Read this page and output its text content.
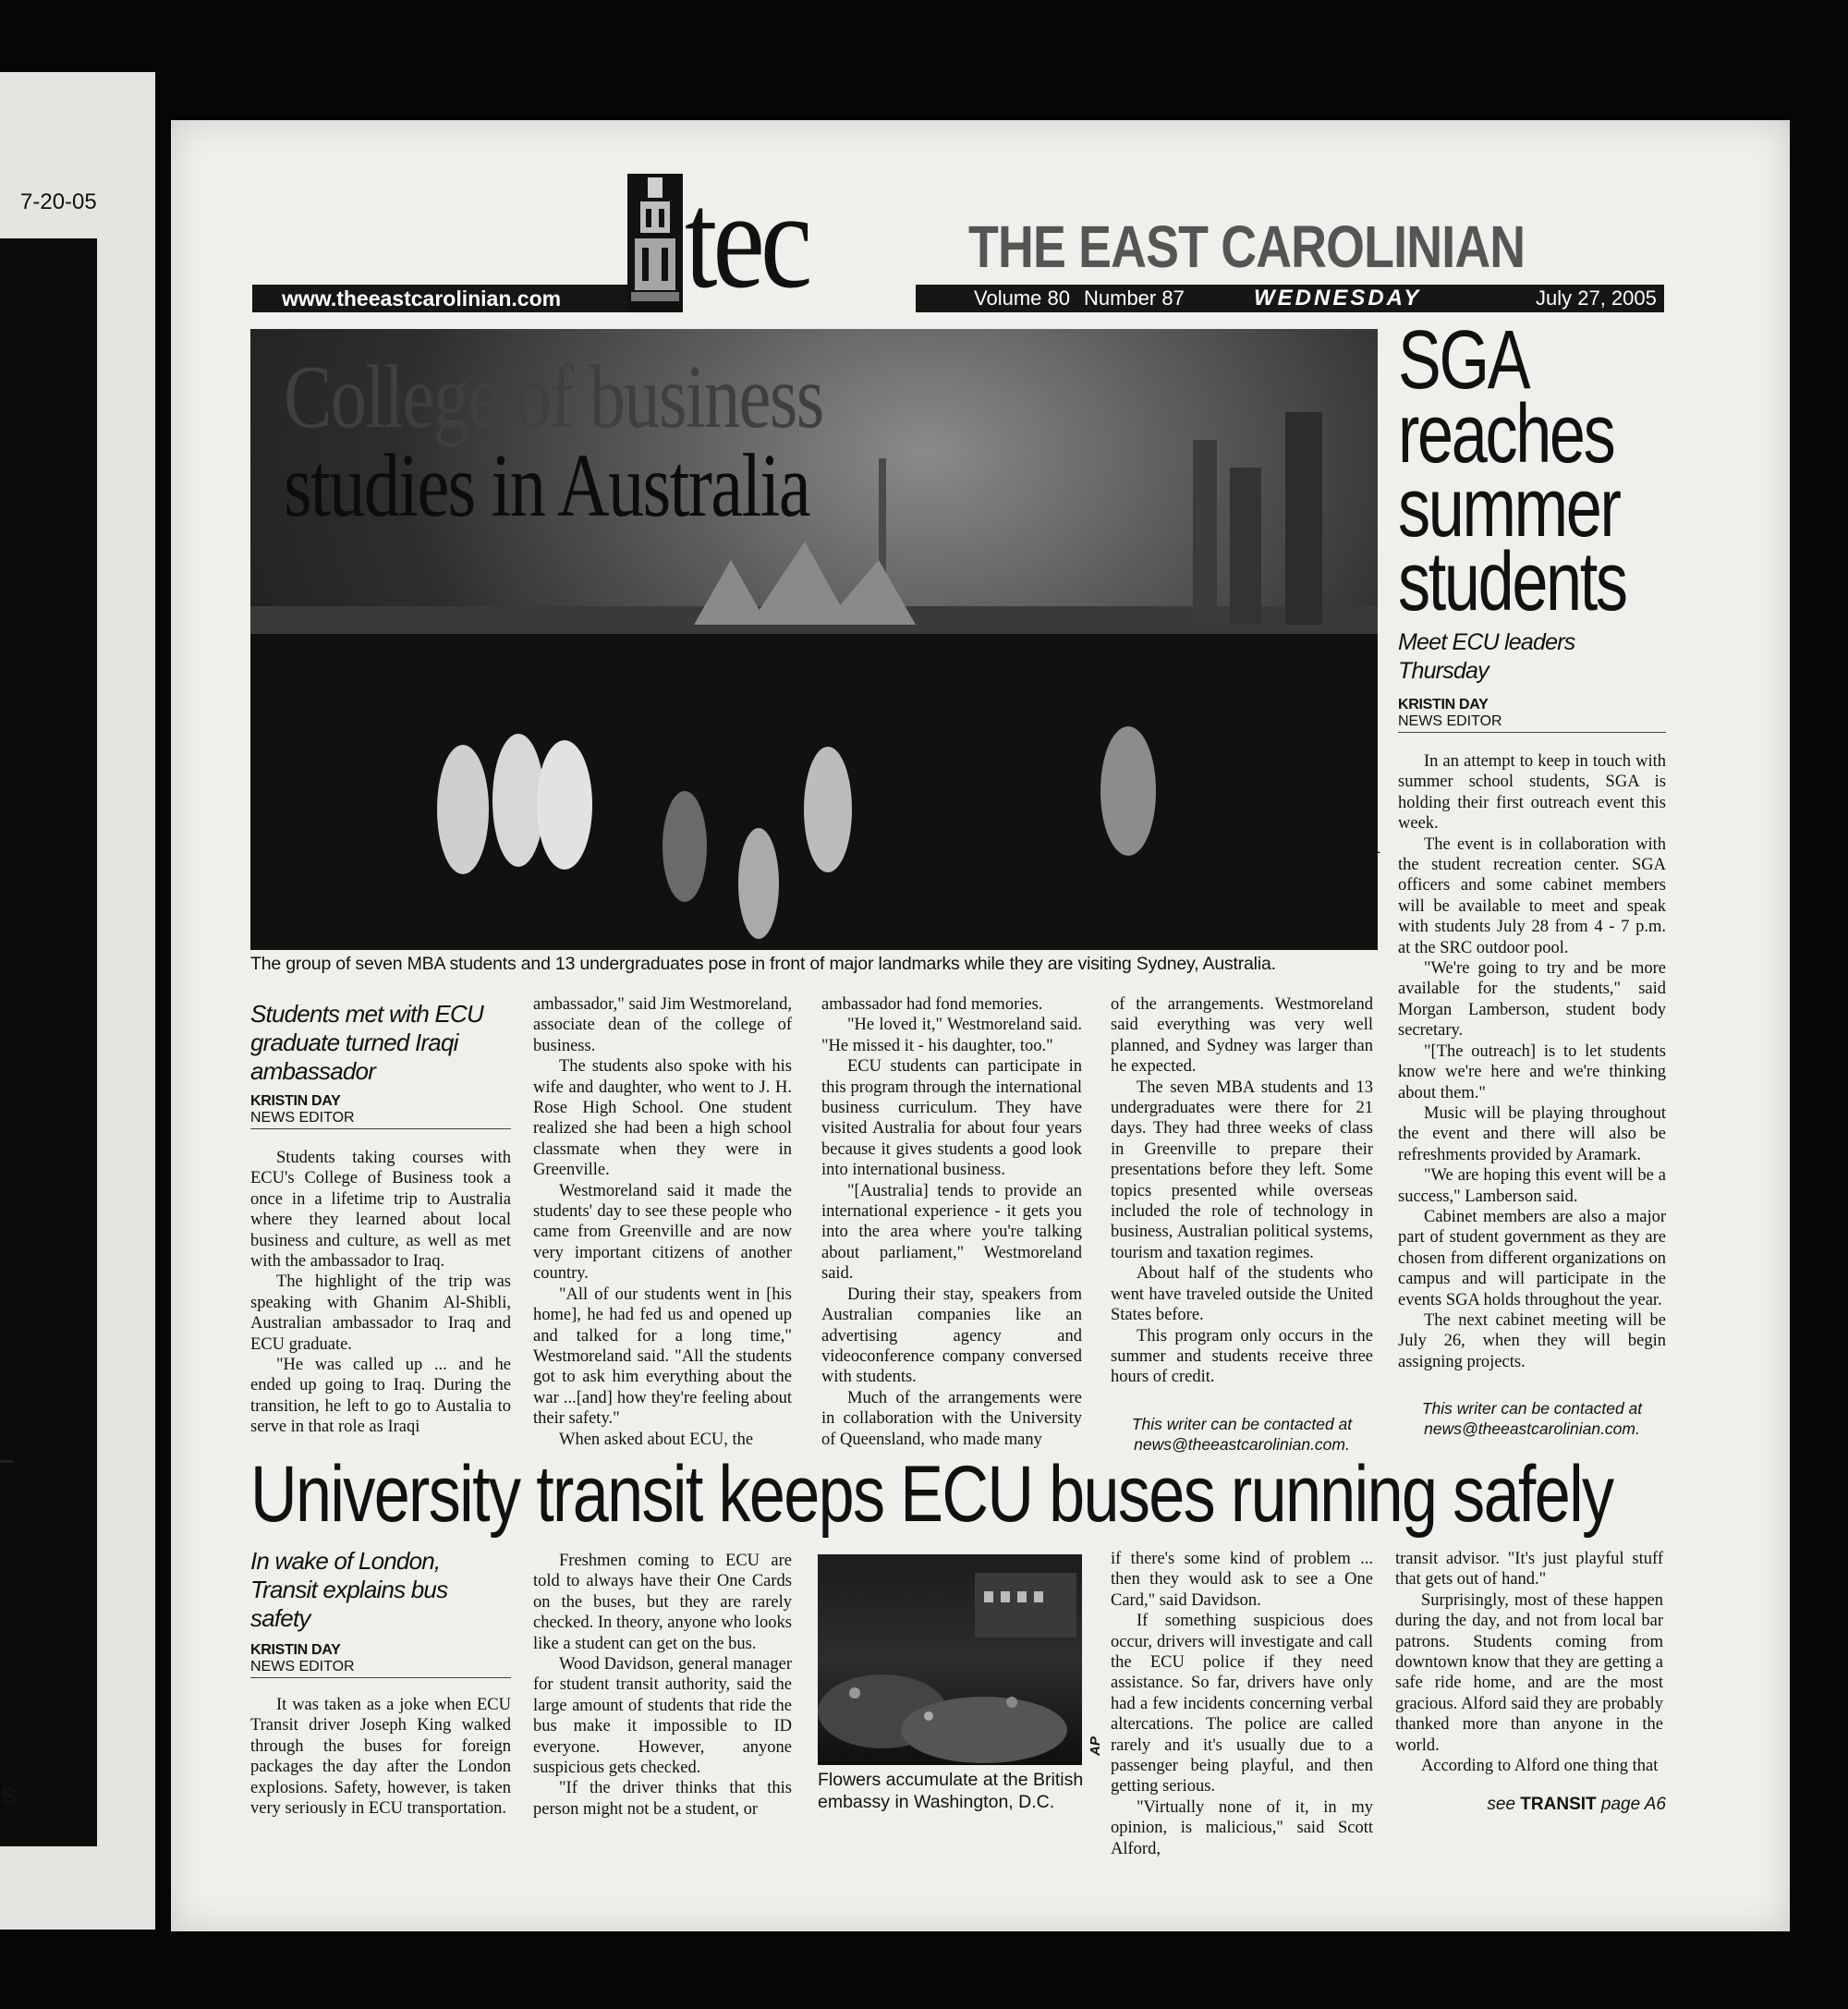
7-20-05
s
www.theeastcarolinian.com tec	THE EAST CAROLINIAN
Volume 80 Number 87	WEDNESDAY	July 27, 2005
College of business
studies in Australia
Contributed photo
The group of seven MBA students and 13 undergraduates pose in front of major landmarks while they are visiting Sydney, Australia.
Students met with ECU graduate turned Iraqi ambassador
KRISTIN DAY
NEWS EDITOR

Students taking courses with ECU's College of Business took a once in a lifetime trip to Australia where they learned about local business and culture, as well as met with the ambassador to Iraq.

The highlight of the trip was speaking with Ghanim Al-Shibli, Australian ambassador to Iraq and ECU graduate.

"He was called up ... and he ended up going to Iraq. During the transition, he left to go to Austalia to serve in that role as Iraqi

ambassador," said Jim Westmoreland, associate dean of the college of business.

The students also spoke with his wife and daughter, who went to J. H. Rose High School. One student realized she had been a high school classmate when they were in Greenville.

Westmoreland said it made the students' day to see these people who came from Greenville and are now very important citizens of another country.

"All of our students went in [his home], he had fed us and opened up and talked for a long time," Westmoreland said. "All the students got to ask him everything about the war ...[and] how they're feeling about their safety."

When asked about ECU, the

ambassador had fond memories.

"He loved it," Westmoreland said. "He missed it - his daughter, too."

ECU students can participate in this program through the international business curriculum. They have visited Australia for about four years because it gives students a good look into international business.

"[Australia] tends to provide an international experience - it gets you into the area where you're talking about parliament," Westmoreland said.

During their stay, speakers from Australian companies like an advertising agency and videoconference company conversed with students.

Much of the arrangements were in collaboration with the University of Queensland, who made many

of the arrangements. Westmoreland said everything was very well planned, and Sydney was larger than he expected.

The seven MBA students and 13 undergraduates were there for 21 days. They had three weeks of class in Greenville to prepare their presentations before they left. Some topics presented while overseas included the role of technology in business, Australian political systems, tourism and taxation regimes.

About half of the students who went have traveled outside the United States before.

This program only occurs in the summer and students receive three hours of credit.

This writer can be contacted at
news@theeastcarolinian.com.
SGA
reaches
summer
students
Meet ECU leaders Thursday
KRISTIN DAY
NEWS EDITOR

In an attempt to keep in touch with summer school students, SGA is holding their first outreach event this week.

The event is in collaboration with the student recreation center. SGA officers and some cabinet members will be available to meet and speak with students July 28 from 4 - 7 p.m. at the SRC outdoor pool.

"We're going to try and be more available for the students," said Morgan Lamberson, student body secretary.

"[The outreach] is to let students know we're here and we're thinking about them."

Music will be playing throughout the event and there will also be refreshments provided by Aramark.

"We are hoping this event will be a success," Lamberson said.

Cabinet members are also a major part of student government as they are chosen from different organizations on campus and will participate in the events SGA holds throughout the year.

The next cabinet meeting will be July 26, when they will begin assigning projects.

This writer can be contacted at
news@theeastcarolinian.com.
University transit keeps ECU buses running safely
In wake of London, Transit explains bus safety
KRISTIN DAY
NEWS EDITOR

It was taken as a joke when ECU Transit driver Joseph King walked through the buses for foreign packages the day after the London explosions. Safety, however, is taken very seriously in ECU transportation.

Freshmen coming to ECU are told to always have their One Cards on the buses, but they are rarely checked. In theory, anyone who looks like a student can get on the bus.

Wood Davidson, general manager for student transit authority, said the large amount of students that ride the bus make it impossible to ID everyone. However, anyone suspicious gets checked.

"If the driver thinks that this person might not be a student, or

AP
Flowers accumulate at the British embassy in Washington, D.C.

if there's some kind of problem ... then they would ask to see a One Card," said Davidson.

If something suspicious does occur, drivers will investigate and call the ECU police if they need assistance. So far, drivers have only had a few incidents concerning verbal altercations. The police are called rarely and it's usually due to a passenger being playful, and then getting serious.

"Virtually none of it, in my opinion, is malicious," said Scott Alford,

transit advisor. "It's just playful stuff that gets out of hand."

Surprisingly, most of these happen during the day, and not from local bar patrons. Students coming from downtown know that they are getting a safe ride home, and are the most gracious. Alford said they are probably thanked more than anyone in the world.

According to Alford one thing that

see TRANSIT page A6
